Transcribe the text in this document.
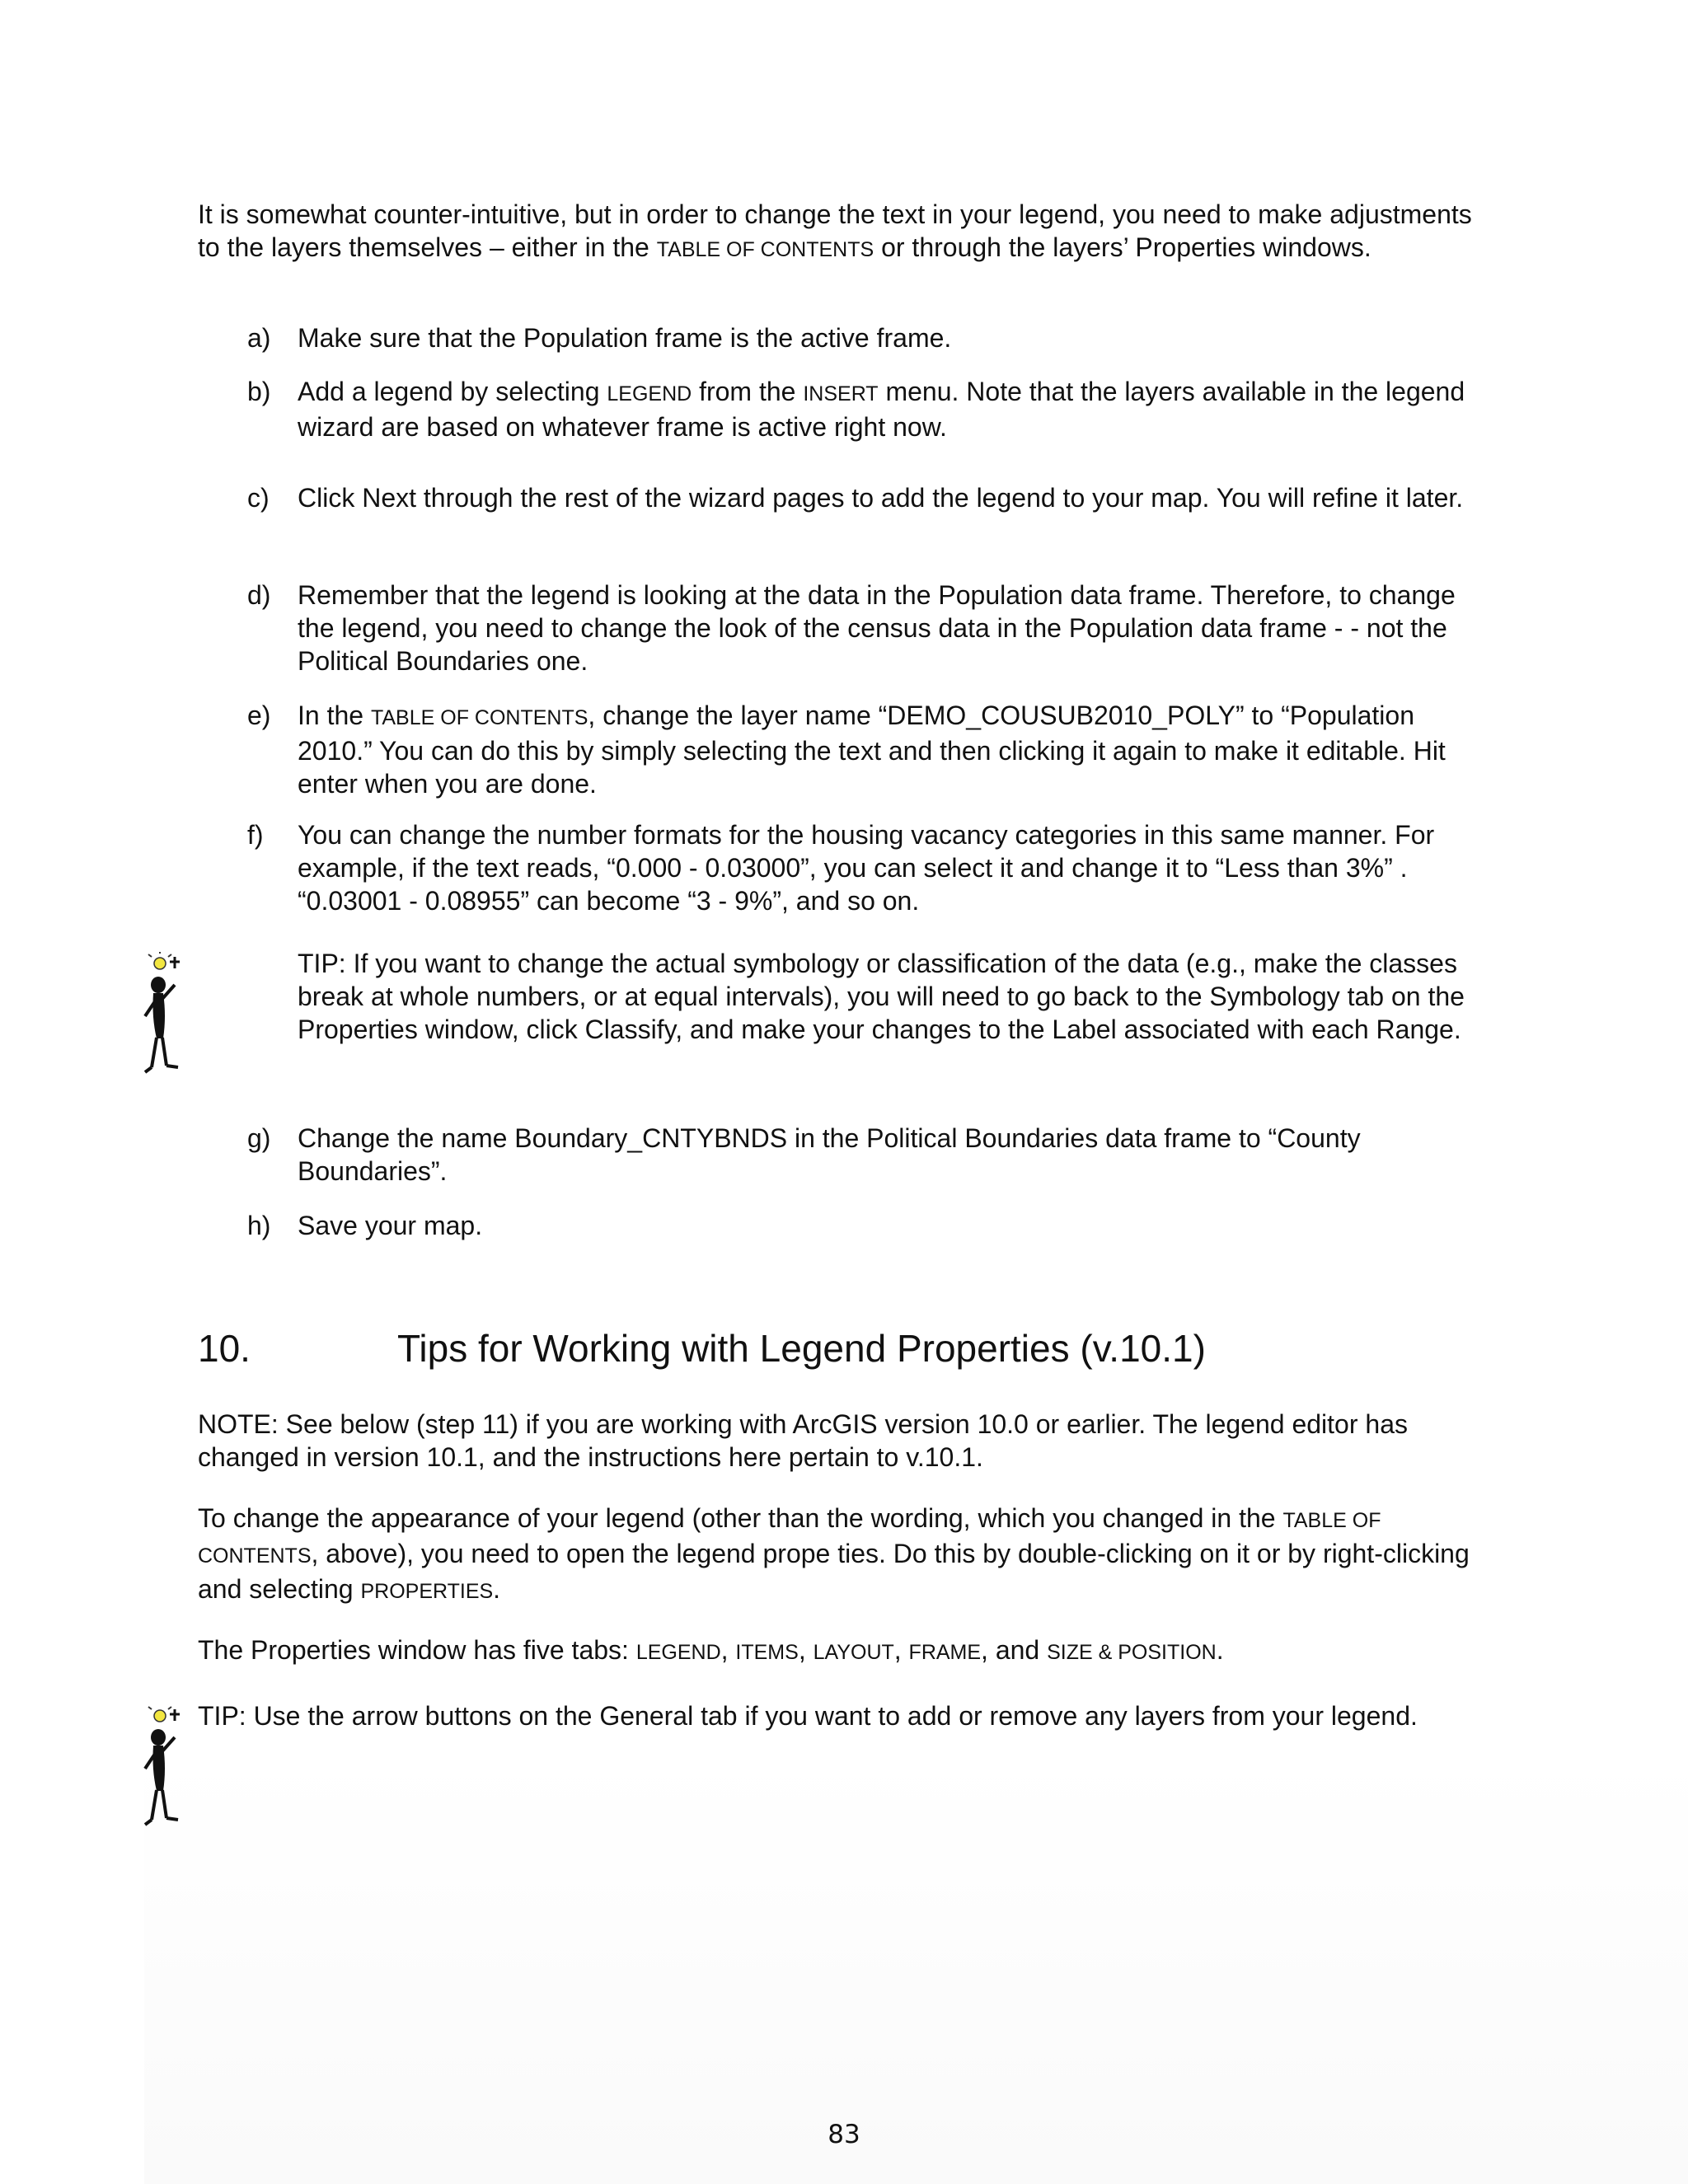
It is somewhat counter-intuitive, but in order to change the text in your legend, you need to make adjustments to the layers themselves – either in the TABLE OF CONTENTS or through the layers’ Properties windows.
a)	Make sure that the Population frame is the active frame.
b)	Add a legend by selecting LEGEND from the INSERT menu. Note that the layers available in the legend wizard are based on whatever frame is active right now.
c)	Click Next through the rest of the wizard pages to add the legend to your map. You will refine it later.
d)	Remember that the legend is looking at the data in the Population data frame. Therefore, to change the legend, you need to change the look of the census data in the Population data frame - - not the Political Boundaries one.
e)	In the TABLE OF CONTENTS, change the layer name “DEMO_COUSUB2010_POLY” to “Population 2010.” You can do this by simply selecting the text and then clicking it again to make it editable. Hit enter when you are done.
f)	You can change the number formats for the housing vacancy categories in this same manner. For example, if the text reads, “0.000 - 0.03000”, you can select it and change it to “Less than 3%” . “0.03001 - 0.08955” can become “3 - 9%”, and so on.
TIP: If you want to change the actual symbology or classification of the data (e.g., make the classes break at whole numbers, or at equal intervals), you will need to go back to the Symbology tab on the Properties window, click Classify, and make your changes to the Label associated with each Range.
g)	Change the name Boundary_CNTYBNDS in the Political Boundaries data frame to “County Boundaries”.
h)	Save your map.
10.	Tips for Working with Legend Properties (v.10.1)
NOTE: See below (step 11) if you are working with ArcGIS version 10.0 or earlier. The legend editor has changed in version 10.1, and the instructions here pertain to v.10.1.
To change the appearance of your legend (other than the wording, which you changed in the TABLE OF CONTENTS, above), you need to open the legend prope ties. Do this by double-clicking on it or by right-clicking and selecting PROPERTIES.
The Properties window has five tabs: LEGEND, ITEMS, LAYOUT, FRAME, and SIZE & POSITION.
TIP: Use the arrow buttons on the General tab if you want to add or remove any layers from your legend.
83
